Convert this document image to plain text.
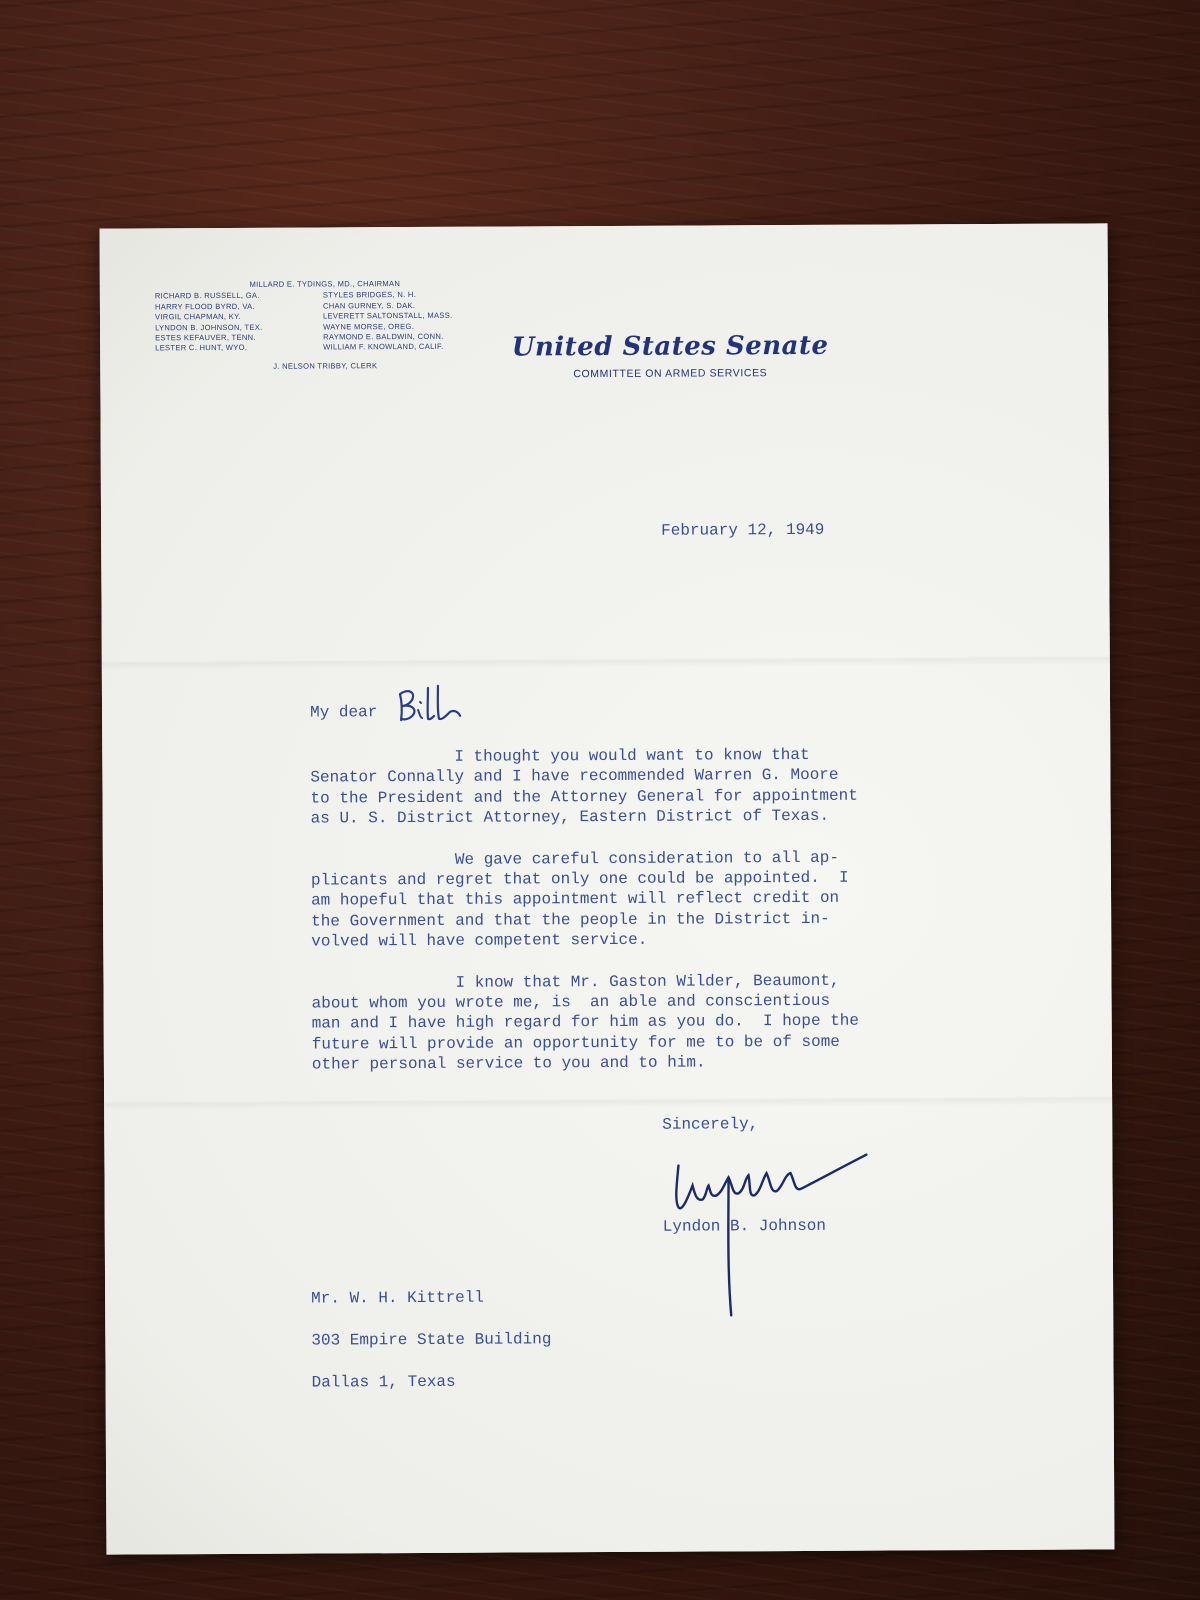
MILLARD E. TYDINGS, MD., CHAIRMAN
RICHARD B. RUSSELL, GA.
HARRY FLOOD BYRD, VA.
VIRGIL CHAPMAN, KY.
LYNDON B. JOHNSON, TEX.
ESTES KEFAUVER, TENN.
LESTER C. HUNT, WYO.
STYLES BRIDGES, N. H.
CHAN GURNEY, S. DAK.
LEVERETT SALTONSTALL, MASS.
WAYNE MORSE, OREG.
RAYMOND E. BALDWIN, CONN.
WILLIAM F. KNOWLAND, CALIF.
J. NELSON TRIBBY, CLERK
United States Senate
COMMITTEE ON ARMED SERVICES
February 12, 1949
My dear

I thought you would want to know that
Senator Connally and I have recommended Warren G. Moore
to the President and the Attorney General for appointment
as U. S. District Attorney, Eastern District of Texas.

We gave careful consideration to all ap-
plicants and regret that only one could be appointed.  I
am hopeful that this appointment will reflect credit on
the Government and that the people in the District in-
volved will have competent service.

I know that Mr. Gaston Wilder, Beaumont,
about whom you wrote me, is  an able and conscientious
man and I have high regard for him as you do.  I hope the
future will provide an opportunity for me to be of some
other personal service to you and to him.

Sincerely,
Lyndon B. Johnson
Mr. W. H. Kittrell
303 Empire State Building
Dallas 1, Texas
